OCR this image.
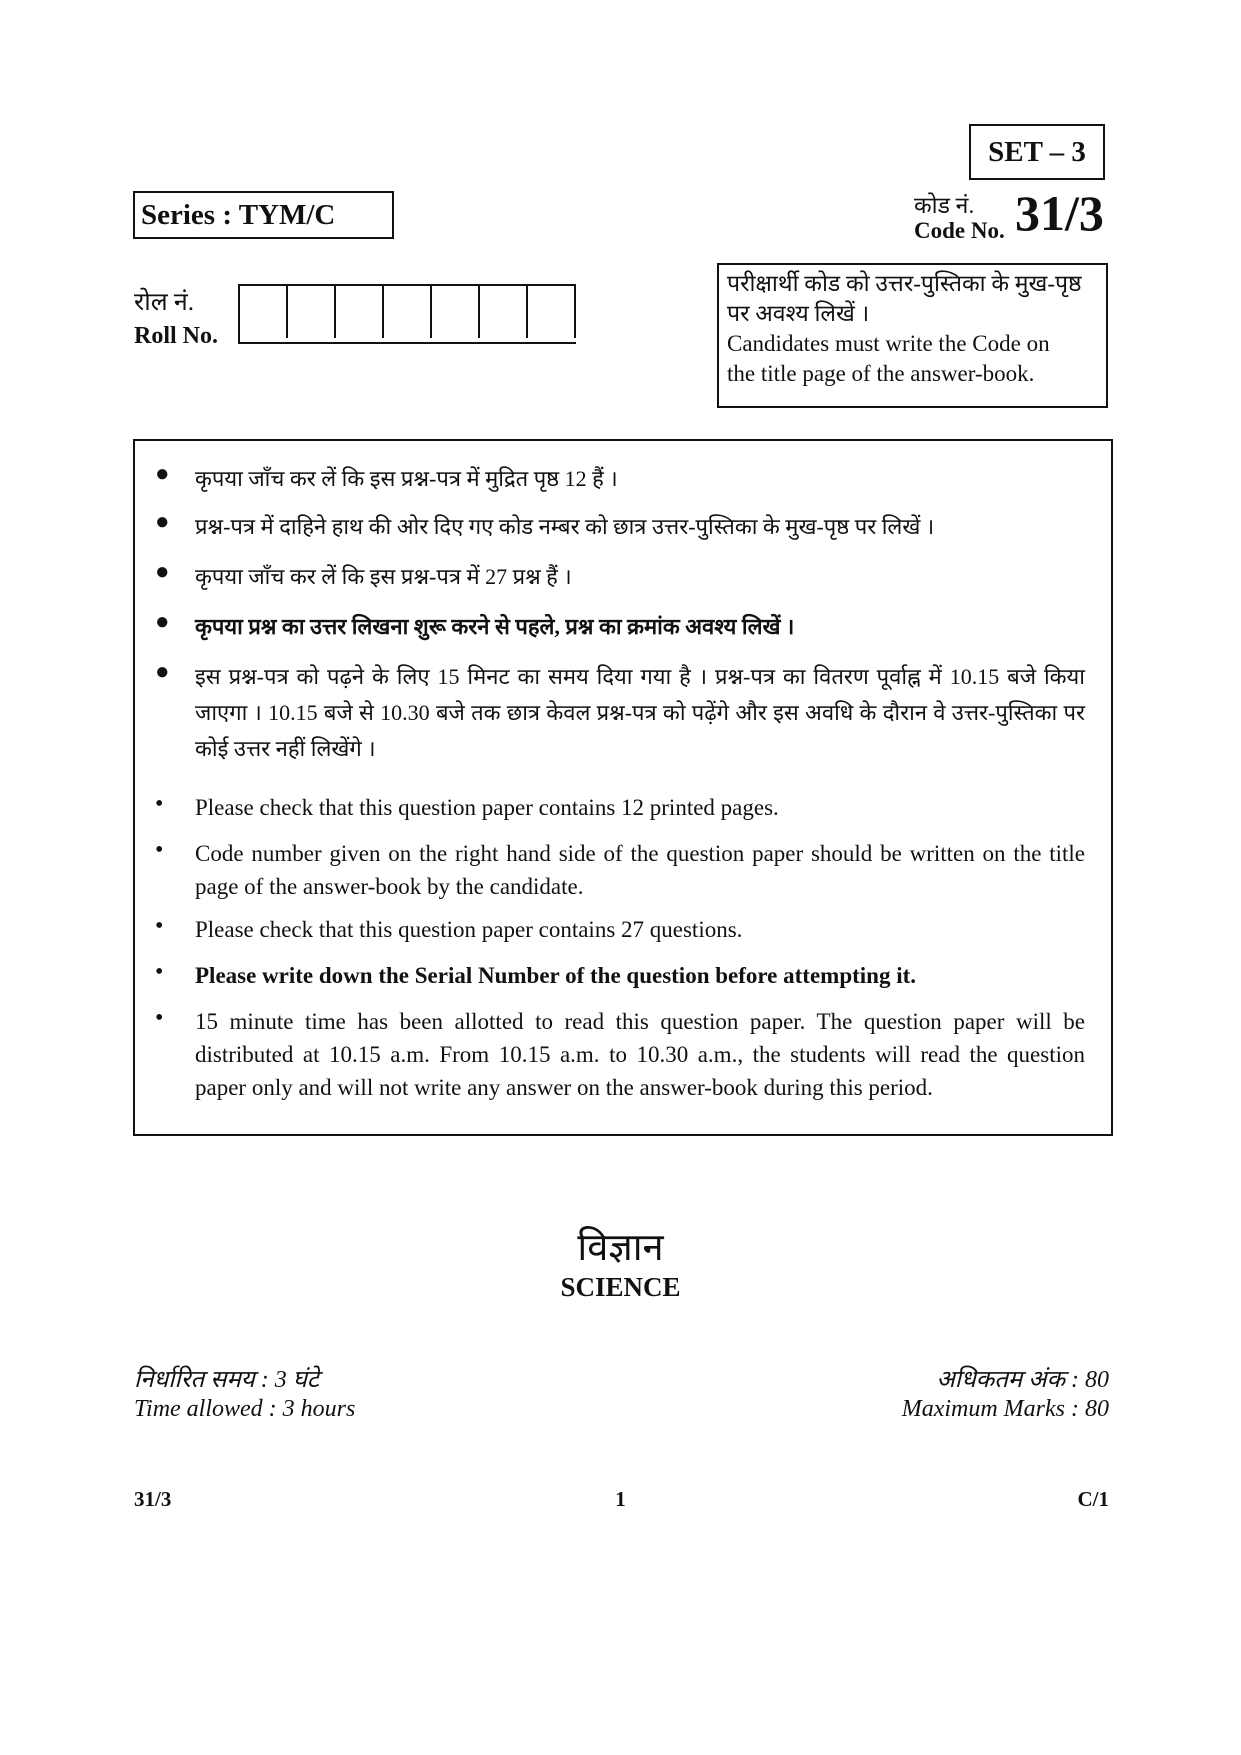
SET – 3
Series : TYM/C	कोड नं.
Code No. 31/3
रोल नं.
Roll No.
परीक्षार्थी कोड को उत्तर-पुस्तिका के मुख-पृष्ठ
पर अवश्य लिखें ।
Candidates must write the Code on
the title page of the answer-book.
● कृपया जाँच कर लें कि इस प्रश्न-पत्र में मुद्रित पृष्ठ 12 हैं ।
● प्रश्न-पत्र में दाहिने हाथ की ओर दिए गए कोड नम्बर को छात्र उत्तर-पुस्तिका के मुख-पृष्ठ पर लिखें ।
● कृपया जाँच कर लें कि इस प्रश्न-पत्र में 27 प्रश्न हैं ।
● कृपया प्रश्न का उत्तर लिखना शुरू करने से पहले, प्रश्न का क्रमांक अवश्य लिखें ।
● इस प्रश्न-पत्र को पढ़ने के लिए 15 मिनट का समय दिया गया है । प्रश्न-पत्र का वितरण पूर्वाह्न में 10.15 बजे किया जाएगा । 10.15 बजे से 10.30 बजे तक छात्र केवल प्रश्न-पत्र को पढ़ेंगे और इस अवधि के दौरान वे उत्तर-पुस्तिका पर कोई उत्तर नहीं लिखेंगे ।
• Please check that this question paper contains 12 printed pages.
• Code number given on the right hand side of the question paper should be written on the title page of the answer-book by the candidate.
• Please check that this question paper contains 27 questions.
• Please write down the Serial Number of the question before attempting it.
• 15 minute time has been allotted to read this question paper. The question paper will be distributed at 10.15 a.m. From 10.15 a.m. to 10.30 a.m., the students will read the question paper only and will not write any answer on the answer-book during this period.
विज्ञान
SCIENCE
निर्धारित समय : 3 घंटे
Time allowed : 3 hours
अधिकतम अंक : 80
Maximum Marks : 80
31/3	1	C/1
